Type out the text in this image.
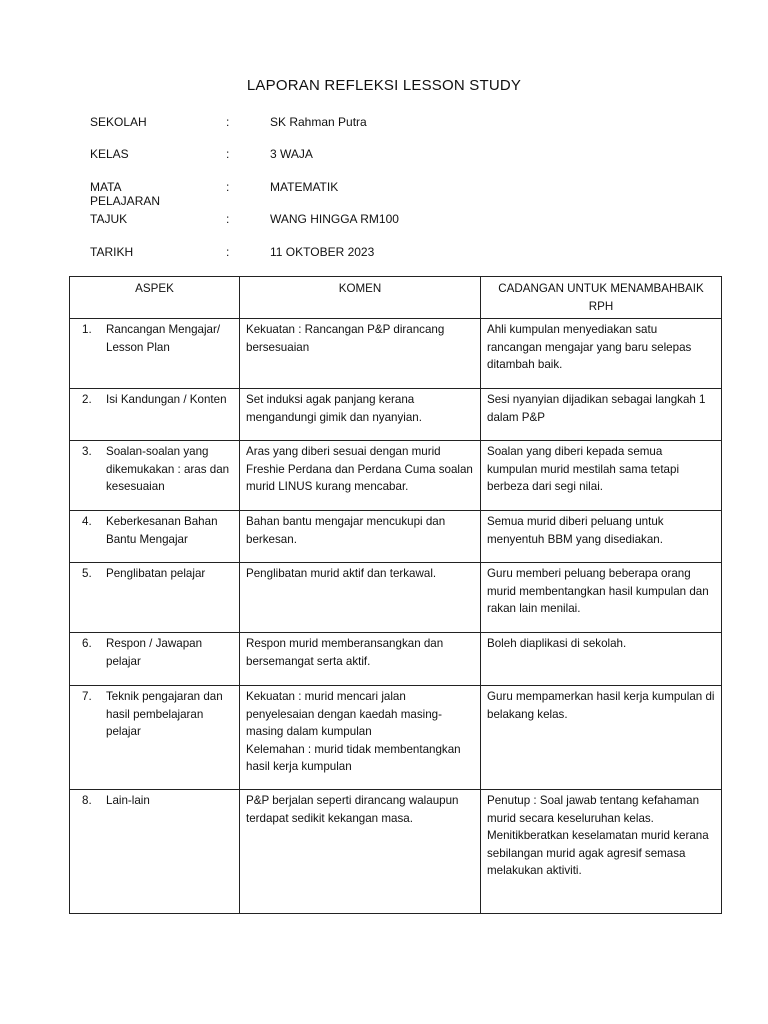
LAPORAN REFLEKSI LESSON STUDY
SEKOLAH	:	SK Rahman Putra
KELAS	:	3 WAJA
MATA PELAJARAN
:	MATEMATIK
TAJUK	:	WANG HINGGA RM100
TARIKH	:	11 OKTOBER 2023
ASPEK	KOMEN	CADANGAN UNTUK MENAMBAHBAIK RPH

1. Rancangan Mengajar/ Lesson Plan	Kekuatan : Rancangan P&P dirancang bersesuaian	Ahli kumpulan menyediakan satu rancangan mengajar yang baru selepas ditambah baik.

2. Isi Kandungan / Konten	Set induksi agak panjang kerana mengandungi gimik dan nyanyian.	Sesi nyanyian dijadikan sebagai langkah 1 dalam P&P

3. Soalan-soalan yang dikemukakan : aras dan kesesuaian	Aras yang diberi sesuai dengan murid Freshie Perdana dan Perdana Cuma soalan murid LINUS kurang mencabar.	Soalan yang diberi kepada semua kumpulan murid mestilah sama tetapi berbeza dari segi nilai.

4. Keberkesanan Bahan Bantu Mengajar	Bahan bantu mengajar mencukupi dan berkesan.	Semua murid diberi peluang untuk menyentuh BBM yang disediakan.

5. Penglibatan pelajar	Penglibatan murid aktif dan terkawal.	Guru memberi peluang beberapa orang murid membentangkan hasil kumpulan dan rakan lain menilai.

6. Respon / Jawapan pelajar	Respon murid memberansangkan dan bersemangat serta aktif.	Boleh diaplikasi di sekolah.

7. Teknik pengajaran dan hasil pembelajaran pelajar	Kekuatan : murid mencari jalan penyelesaian dengan kaedah masing-masing dalam kumpulan
Kelemahan : murid tidak membentangkan hasil kerja kumpulan	Guru mempamerkan hasil kerja kumpulan di belakang kelas.

8. Lain-lain	P&P berjalan seperti dirancang walaupun terdapat sedikit kekangan masa.	Penutup : Soal jawab tentang kefahaman murid secara keseluruhan kelas.
Menitikberatkan keselamatan murid kerana sebilangan murid agak agresif semasa melakukan aktiviti.
